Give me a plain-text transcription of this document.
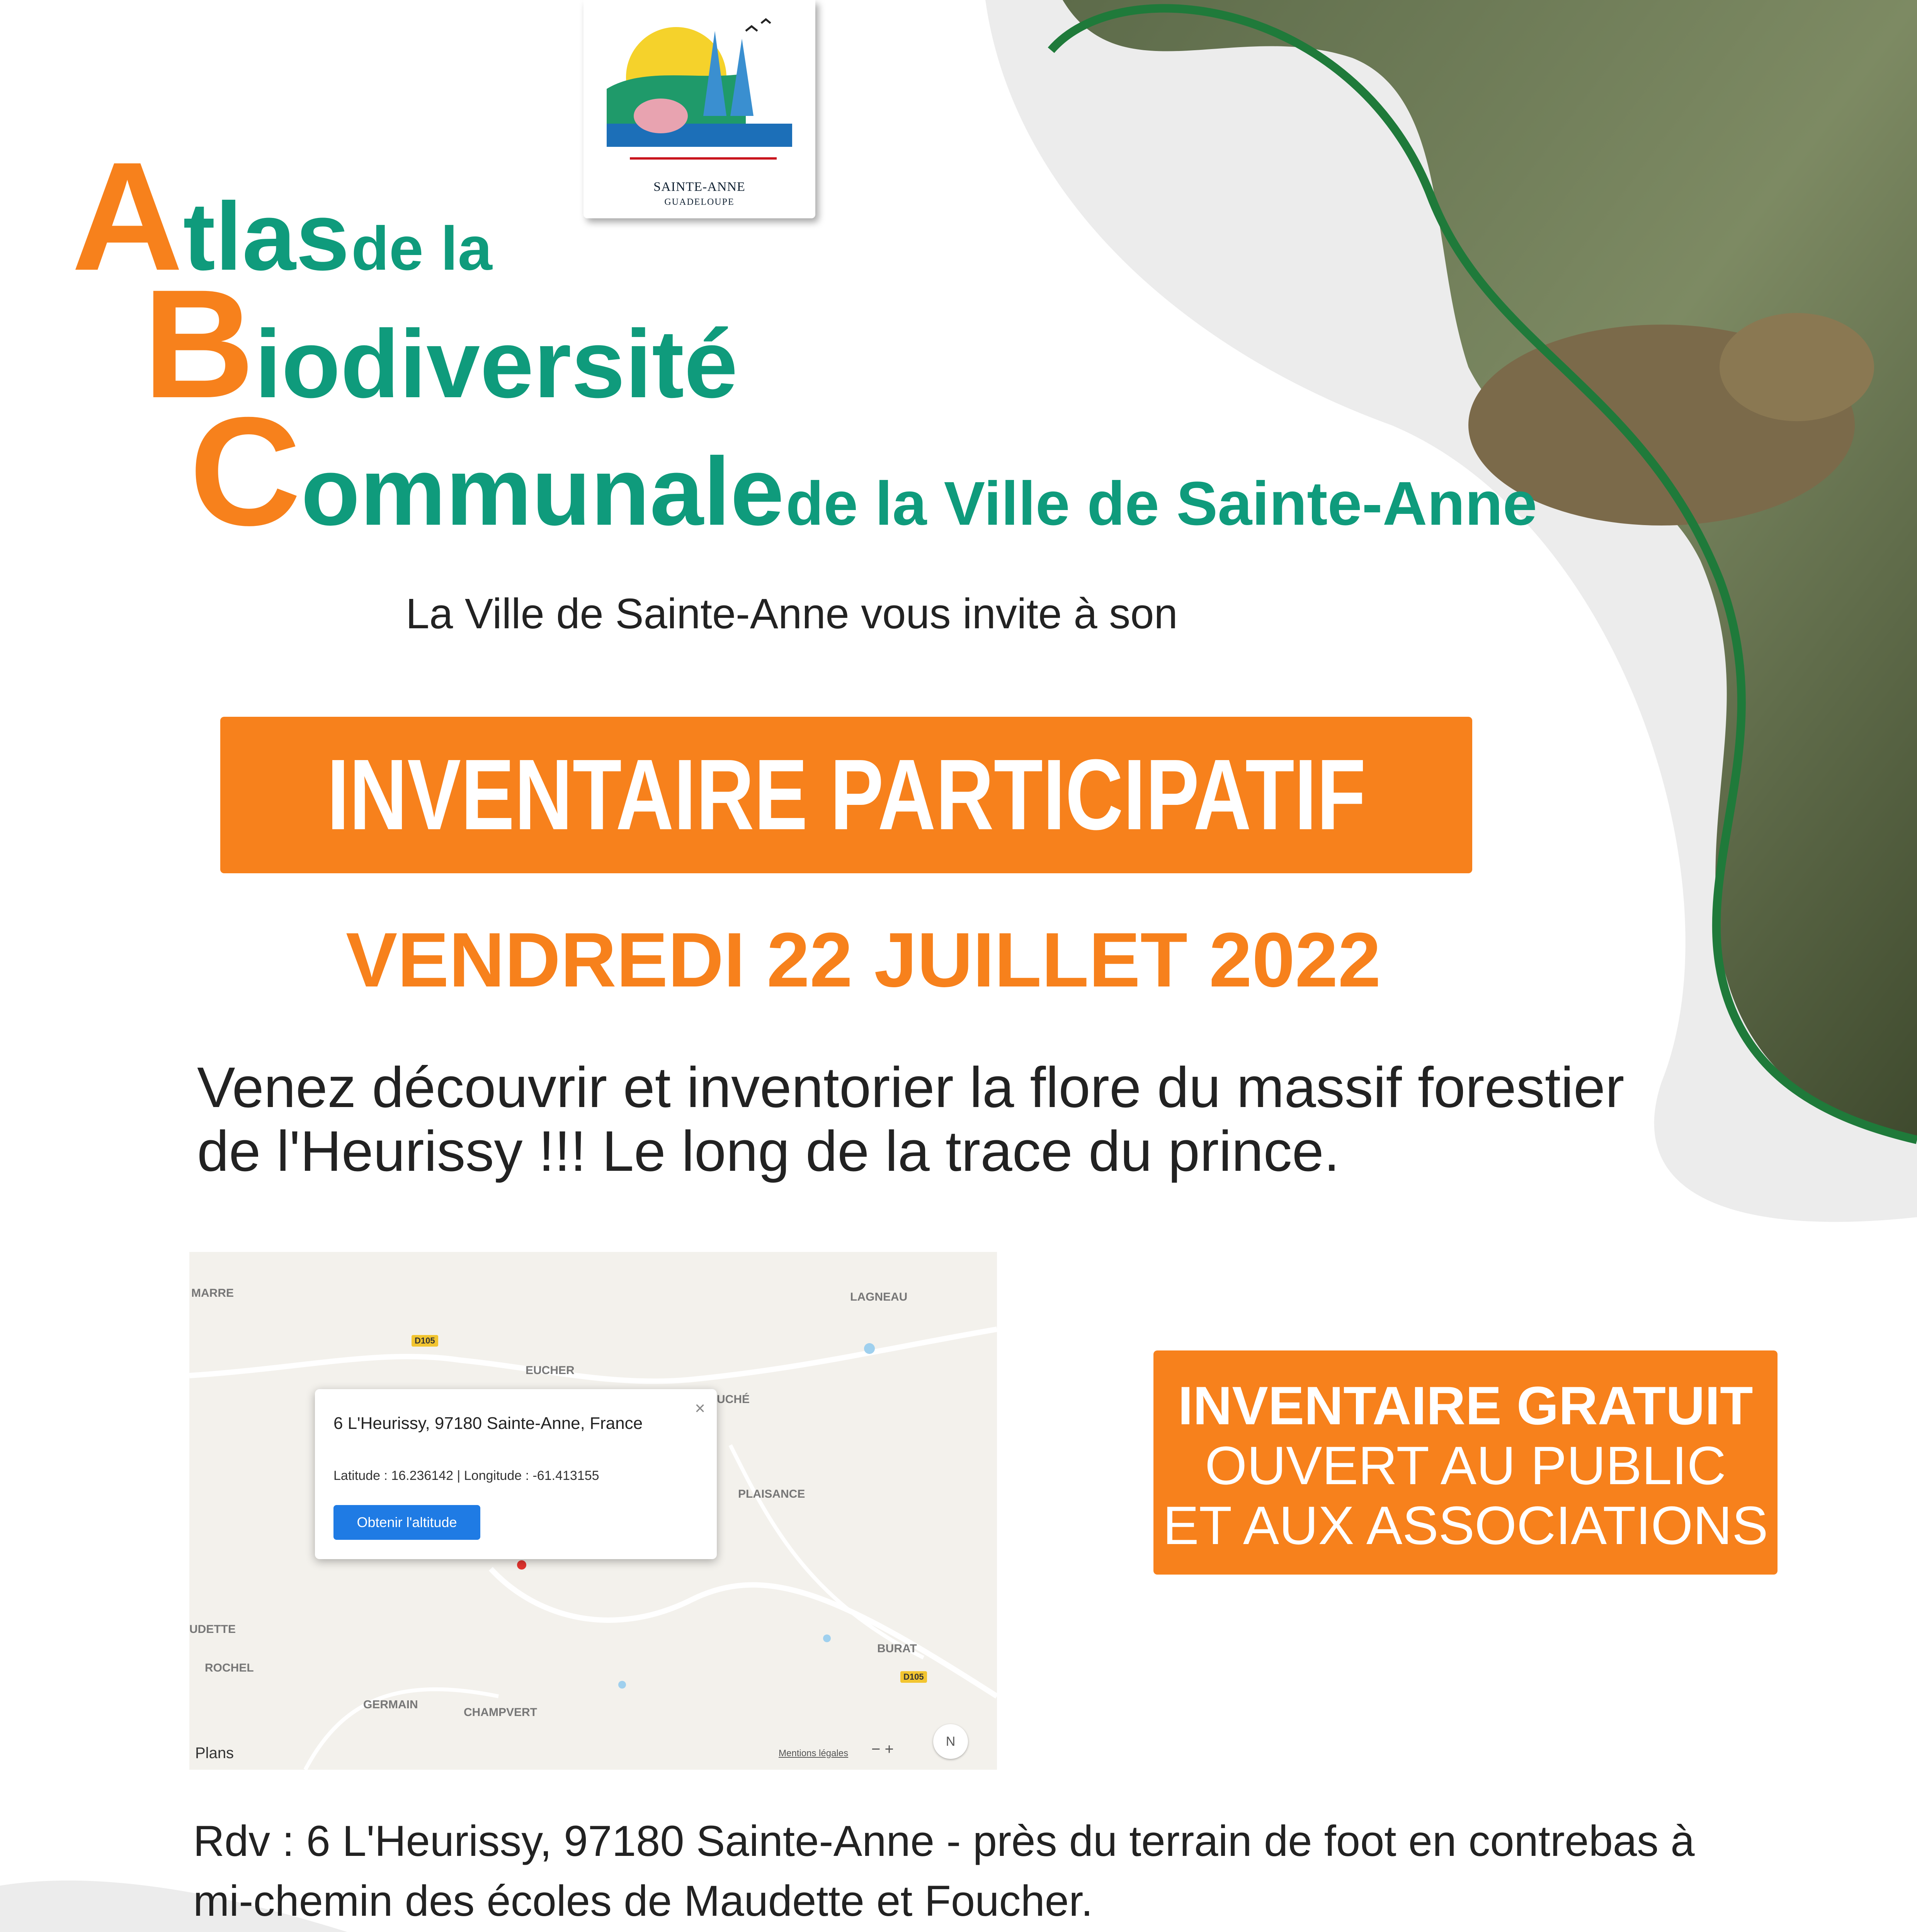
SAINTE-ANNE
GUADELOUPE
Atlas de la
Biodiversité
Communale de la Ville de Sainte-Anne
La Ville de Sainte-Anne vous invite à son
INVENTAIRE PARTICIPATIF
VENDREDI 22 JUILLET 2022
Venez découvrir et inventorier la flore du massif forestier
de l'Heurissy !!! Le long de la trace du prince.
MARRE	LAGNEAU
EUCHER
UCHÉ
PLAISANCE
UDETTE
ROCHEL
BURAT
GERMAIN
CHAMPVERT
D105
D105
6 L'Heurissy, 97180 Sainte-Anne, France
Latitude : 16.236142 | Longitude : -61.413155
Obtenir l'altitude
×
Plans	Mentions légales − +	N
INVENTAIRE GRATUIT
OUVERT AU PUBLIC
ET AUX ASSOCIATIONS
Rdv : 6 L'Heurissy, 97180 Sainte-Anne - près du terrain de foot en contrebas à
mi-chemin des écoles de Maudette et Foucher.
